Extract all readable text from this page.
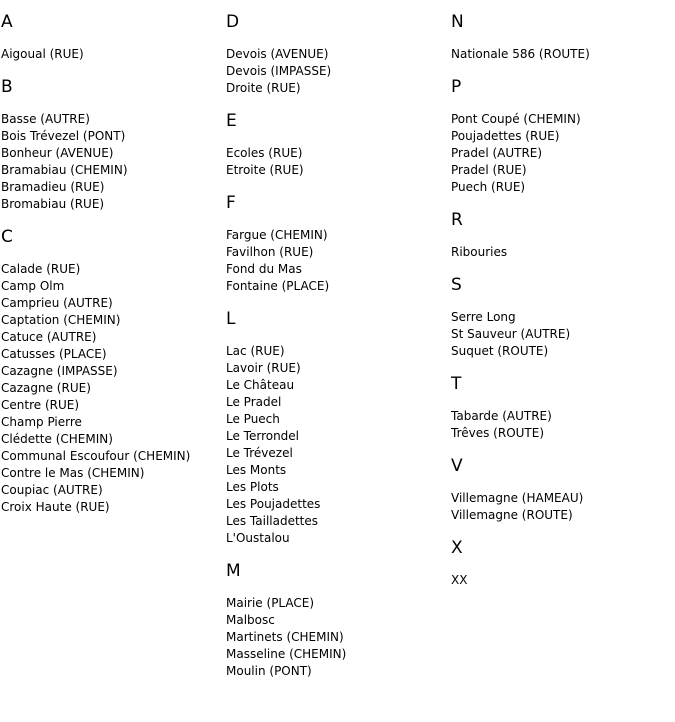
A
Aigoual (RUE)
B
Basse (AUTRE)
Bois Trévezel (PONT)
Bonheur (AVENUE)
Bramabiau (CHEMIN)
Bramadieu (RUE)
Bromabiau (RUE)
C
Calade (RUE)
Camp Olm
Camprieu (AUTRE)
Captation (CHEMIN)
Catuce (AUTRE)
Catusses (PLACE)
Cazagne (IMPASSE)
Cazagne (RUE)
Centre (RUE)
Champ Pierre
Clédette (CHEMIN)
Communal Escoufour (CHEMIN)
Contre le Mas (CHEMIN)
Coupiac (AUTRE)
Croix Haute (RUE)
D
Devois (AVENUE)
Devois (IMPASSE)
Droite (RUE)
E
Ecoles (RUE)
Etroite (RUE)
F
Fargue (CHEMIN)
Favilhon (RUE)
Fond du Mas
Fontaine (PLACE)
L
Lac (RUE)
Lavoir (RUE)
Le Château
Le Pradel
Le Puech
Le Terrondel
Le Trévezel
Les Monts
Les Plots
Les Poujadettes
Les Tailladettes
L'Oustalou
M
Mairie (PLACE)
Malbosc
Martinets (CHEMIN)
Masseline (CHEMIN)
Moulin (PONT)
N
Nationale 586 (ROUTE)
P
Pont Coupé (CHEMIN)
Poujadettes (RUE)
Pradel (AUTRE)
Pradel (RUE)
Puech (RUE)
R
Ribouries
S
Serre Long
St Sauveur (AUTRE)
Suquet (ROUTE)
T
Tabarde (AUTRE)
Trêves (ROUTE)
V
Villemagne (HAMEAU)
Villemagne (ROUTE)
X
XX
